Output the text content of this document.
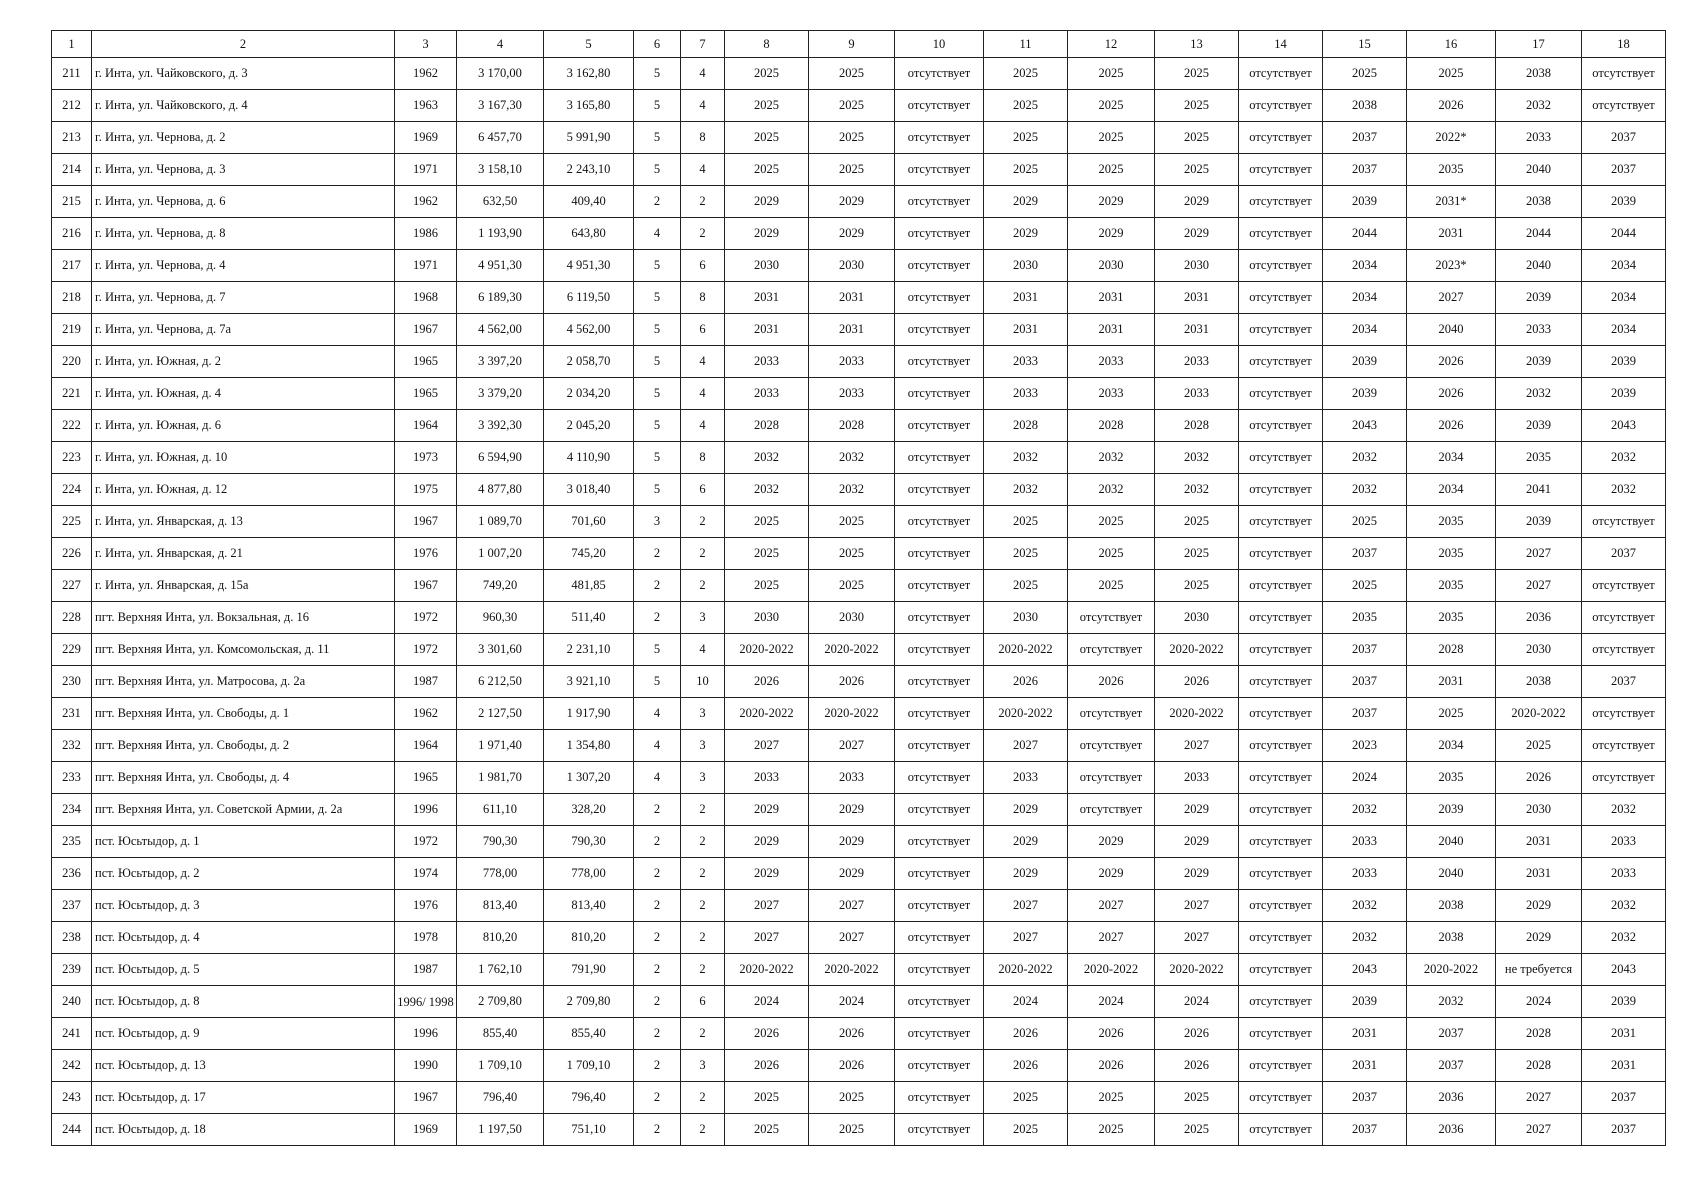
1	2	3	4	5	6	7	8	9	10	11	12	13	14	15	16	17	18
211	г. Инта, ул. Чайковского, д. 3	1962	3 170,00	3 162,80	5	4	2025	2025	отсутствует	2025	2025	2025	отсутствует	2025	2025	2038	отсутствует
212	г. Инта, ул. Чайковского, д. 4	1963	3 167,30	3 165,80	5	4	2025	2025	отсутствует	2025	2025	2025	отсутствует	2038	2026	2032	отсутствует
213	г. Инта, ул. Чернова, д. 2	1969	6 457,70	5 991,90	5	8	2025	2025	отсутствует	2025	2025	2025	отсутствует	2037	2022*	2033	2037
214	г. Инта, ул. Чернова, д. 3	1971	3 158,10	2 243,10	5	4	2025	2025	отсутствует	2025	2025	2025	отсутствует	2037	2035	2040	2037
215	г. Инта, ул. Чернова, д. 6	1962	632,50	409,40	2	2	2029	2029	отсутствует	2029	2029	2029	отсутствует	2039	2031*	2038	2039
216	г. Инта, ул. Чернова, д. 8	1986	1 193,90	643,80	4	2	2029	2029	отсутствует	2029	2029	2029	отсутствует	2044	2031	2044	2044
217	г. Инта, ул. Чернова, д. 4	1971	4 951,30	4 951,30	5	6	2030	2030	отсутствует	2030	2030	2030	отсутствует	2034	2023*	2040	2034
218	г. Инта, ул. Чернова, д. 7	1968	6 189,30	6 119,50	5	8	2031	2031	отсутствует	2031	2031	2031	отсутствует	2034	2027	2039	2034
219	г. Инта, ул. Чернова, д. 7а	1967	4 562,00	4 562,00	5	6	2031	2031	отсутствует	2031	2031	2031	отсутствует	2034	2040	2033	2034
220	г. Инта, ул. Южная, д. 2	1965	3 397,20	2 058,70	5	4	2033	2033	отсутствует	2033	2033	2033	отсутствует	2039	2026	2039	2039
221	г. Инта, ул. Южная, д. 4	1965	3 379,20	2 034,20	5	4	2033	2033	отсутствует	2033	2033	2033	отсутствует	2039	2026	2032	2039
222	г. Инта, ул. Южная, д. 6	1964	3 392,30	2 045,20	5	4	2028	2028	отсутствует	2028	2028	2028	отсутствует	2043	2026	2039	2043
223	г. Инта, ул. Южная, д. 10	1973	6 594,90	4 110,90	5	8	2032	2032	отсутствует	2032	2032	2032	отсутствует	2032	2034	2035	2032
224	г. Инта, ул. Южная, д. 12	1975	4 877,80	3 018,40	5	6	2032	2032	отсутствует	2032	2032	2032	отсутствует	2032	2034	2041	2032
225	г. Инта, ул. Январская, д. 13	1967	1 089,70	701,60	3	2	2025	2025	отсутствует	2025	2025	2025	отсутствует	2025	2035	2039	отсутствует
226	г. Инта, ул. Январская, д. 21	1976	1 007,20	745,20	2	2	2025	2025	отсутствует	2025	2025	2025	отсутствует	2037	2035	2027	2037
227	г. Инта, ул. Январская, д. 15а	1967	749,20	481,85	2	2	2025	2025	отсутствует	2025	2025	2025	отсутствует	2025	2035	2027	отсутствует
228	пгт. Верхняя Инта, ул. Вокзальная, д. 16	1972	960,30	511,40	2	3	2030	2030	отсутствует	2030	отсутствует	2030	отсутствует	2035	2035	2036	отсутствует
229	пгт. Верхняя Инта, ул. Комсомольская, д. 11	1972	3 301,60	2 231,10	5	4	2020-2022	2020-2022	отсутствует	2020-2022	отсутствует	2020-2022	отсутствует	2037	2028	2030	отсутствует
230	пгт. Верхняя Инта, ул. Матросова, д. 2а	1987	6 212,50	3 921,10	5	10	2026	2026	отсутствует	2026	2026	2026	отсутствует	2037	2031	2038	2037
231	пгт. Верхняя Инта, ул. Свободы, д. 1	1962	2 127,50	1 917,90	4	3	2020-2022	2020-2022	отсутствует	2020-2022	отсутствует	2020-2022	отсутствует	2037	2025	2020-2022	отсутствует
232	пгт. Верхняя Инта, ул. Свободы, д. 2	1964	1 971,40	1 354,80	4	3	2027	2027	отсутствует	2027	отсутствует	2027	отсутствует	2023	2034	2025	отсутствует
233	пгт. Верхняя Инта, ул. Свободы, д. 4	1965	1 981,70	1 307,20	4	3	2033	2033	отсутствует	2033	отсутствует	2033	отсутствует	2024	2035	2026	отсутствует
234	пгт. Верхняя Инта, ул. Советской Армии, д. 2а	1996	611,10	328,20	2	2	2029	2029	отсутствует	2029	отсутствует	2029	отсутствует	2032	2039	2030	2032
235	пст. Юсьтыдор, д. 1	1972	790,30	790,30	2	2	2029	2029	отсутствует	2029	2029	2029	отсутствует	2033	2040	2031	2033
236	пст. Юсьтыдор, д. 2	1974	778,00	778,00	2	2	2029	2029	отсутствует	2029	2029	2029	отсутствует	2033	2040	2031	2033
237	пст. Юсьтыдор, д. 3	1976	813,40	813,40	2	2	2027	2027	отсутствует	2027	2027	2027	отсутствует	2032	2038	2029	2032
238	пст. Юсьтыдор, д. 4	1978	810,20	810,20	2	2	2027	2027	отсутствует	2027	2027	2027	отсутствует	2032	2038	2029	2032
239	пст. Юсьтыдор, д. 5	1987	1 762,10	791,90	2	2	2020-2022	2020-2022	отсутствует	2020-2022	2020-2022	2020-2022	отсутствует	2043	2020-2022	не требуется	2043
240	пст. Юсьтыдор, д. 8	1996/ 1998	2 709,80	2 709,80	2	6	2024	2024	отсутствует	2024	2024	2024	отсутствует	2039	2032	2024	2039
241	пст. Юсьтыдор, д. 9	1996	855,40	855,40	2	2	2026	2026	отсутствует	2026	2026	2026	отсутствует	2031	2037	2028	2031
242	пст. Юсьтыдор, д. 13	1990	1 709,10	1 709,10	2	3	2026	2026	отсутствует	2026	2026	2026	отсутствует	2031	2037	2028	2031
243	пст. Юсьтыдор, д. 17	1967	796,40	796,40	2	2	2025	2025	отсутствует	2025	2025	2025	отсутствует	2037	2036	2027	2037
244	пст. Юсьтыдор, д. 18	1969	1 197,50	751,10	2	2	2025	2025	отсутствует	2025	2025	2025	отсутствует	2037	2036	2027	2037
